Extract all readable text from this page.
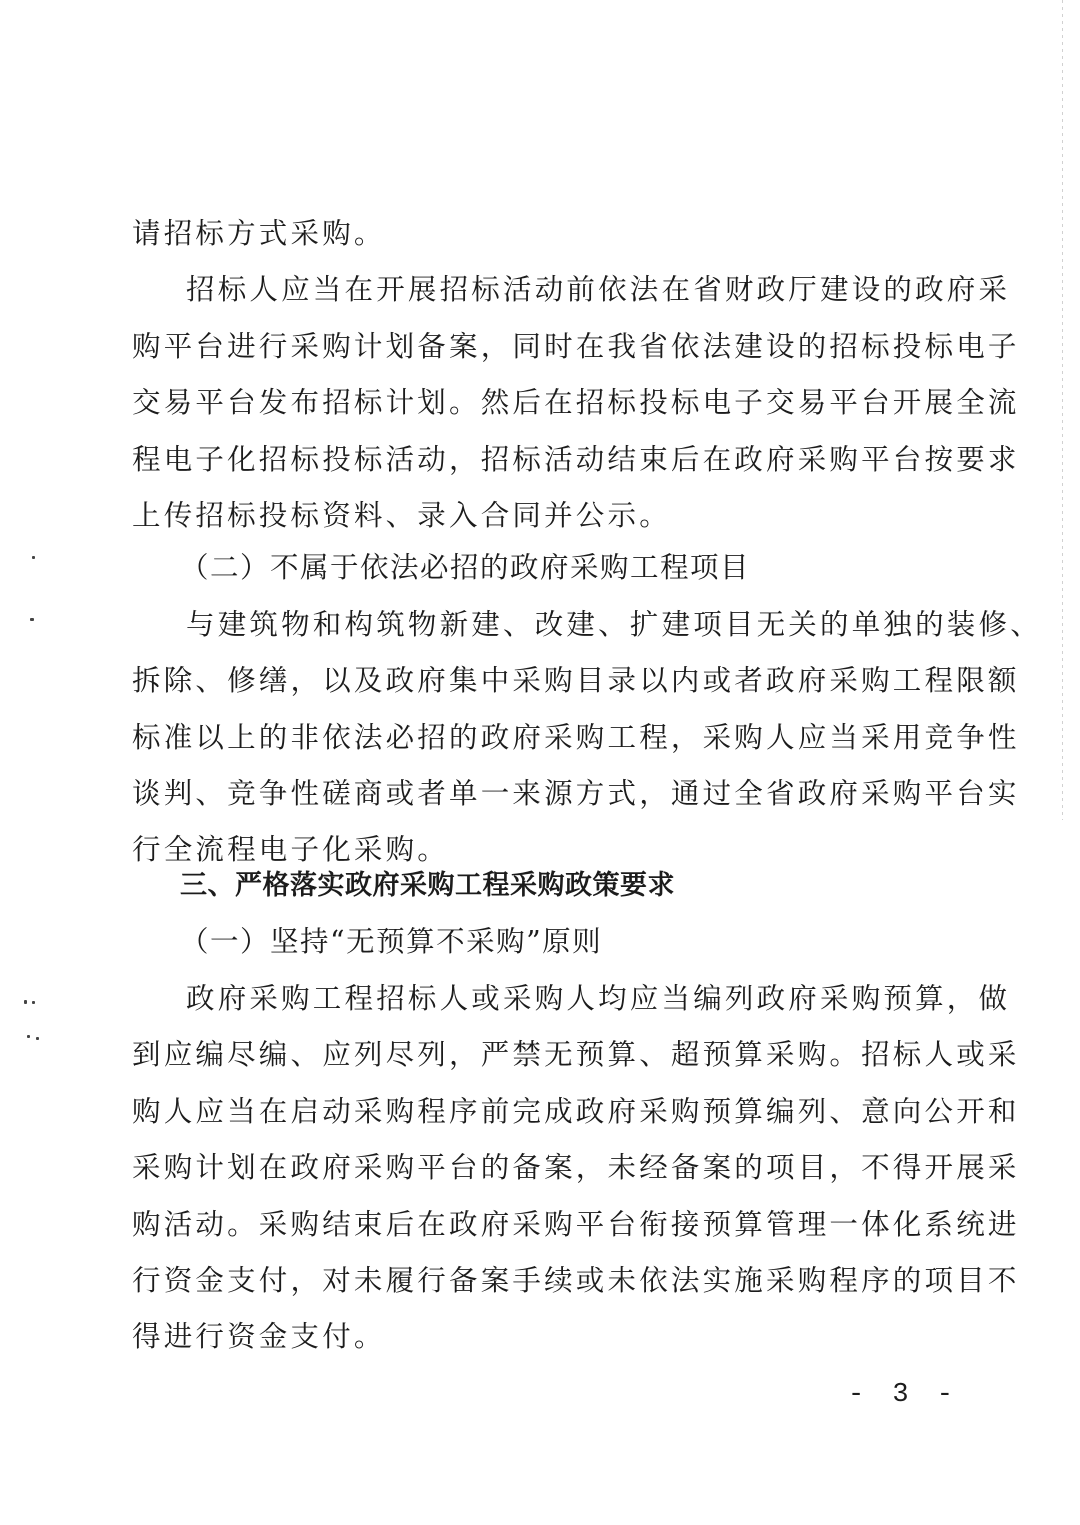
请招标方式采购。
招标人应当在开展招标活动前依法在省财政厅建设的政府采
购平台进行采购计划备案，同时在我省依法建设的招标投标电子
交易平台发布招标计划。然后在招标投标电子交易平台开展全流
程电子化招标投标活动，招标活动结束后在政府采购平台按要求
上传招标投标资料、录入合同并公示。
（二）不属于依法必招的政府采购工程项目
与建筑物和构筑物新建、改建、扩建项目无关的单独的装修、
拆除、修缮，以及政府集中采购目录以内或者政府采购工程限额
标准以上的非依法必招的政府采购工程，采购人应当采用竞争性
谈判、竞争性磋商或者单一来源方式，通过全省政府采购平台实
行全流程电子化采购。
三、严格落实政府采购工程采购政策要求
（一）坚持“无预算不采购”原则
政府采购工程招标人或采购人均应当编列政府采购预算，做
到应编尽编、应列尽列，严禁无预算、超预算采购。招标人或采
购人应当在启动采购程序前完成政府采购预算编列、意向公开和
采购计划在政府采购平台的备案，未经备案的项目，不得开展采
购活动。采购结束后在政府采购平台衔接预算管理一体化系统进
行资金支付，对未履行备案手续或未依法实施采购程序的项目不
得进行资金支付。
- 3 -
